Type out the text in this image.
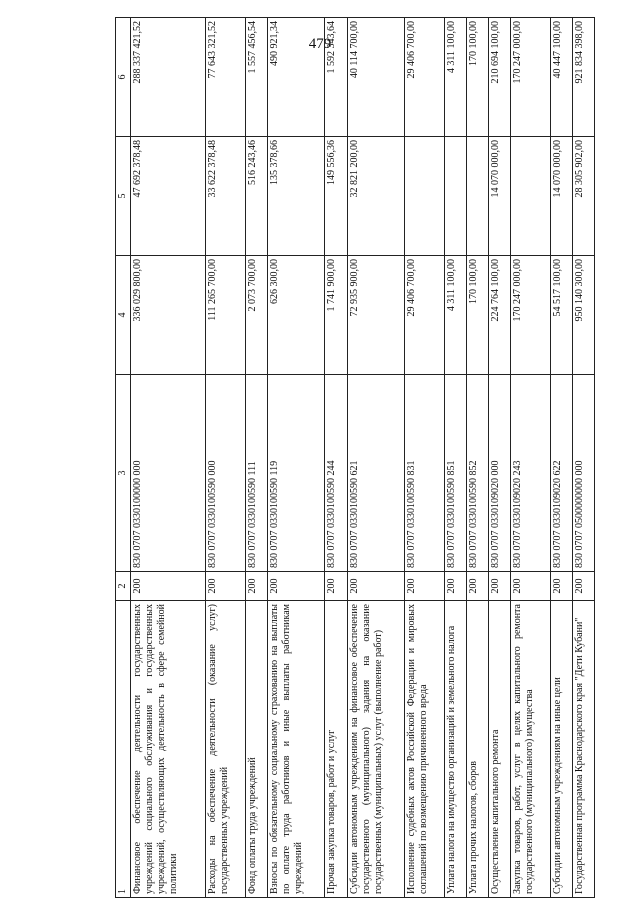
479
1	2	3	4	5	6
Финансовое обеспечение деятельности государственных учреждений социального обслуживания и государственных учреждений, осуществляющих деятельность в сфере семейной политики	200	830 0707 0330100000 000	336 029 800,00	47 692 378,48	288 337 421,52
Расходы на обеспечение деятельности (оказание услуг) государственных учреждений	200	830 0707 0330100590 000	111 265 700,00	33 622 378,48	77 643 321,52
Фонд оплаты труда учреждений	200	830 0707 0330100590 111	2 073 700,00	516 243,46	1 557 456,54
Взносы по обязательному социальному страхованию на выплаты по оплате труда работников и иные выплаты работникам учреждений	200	830 0707 0330100590 119	626 300,00	135 378,66	490 921,34
Прочая закупка товаров, работ и услуг	200	830 0707 0330100590 244	1 741 900,00	149 556,36	1 592 343,64
Субсидии автономным учреждениям на финансовое обеспечение государственного (муниципального) задания на оказание государственных (муниципальных) услуг (выполнение работ)	200	830 0707 0330100590 621	72 935 900,00	32 821 200,00	40 114 700,00
Исполнение судебных актов Российской Федерации и мировых соглашений по возмещению причиненного вреда	200	830 0707 0330100590 831	29 406 700,00		29 406 700,00
Уплата налога на имущество организаций и земельного налога	200	830 0707 0330100590 851	4 311 100,00		4 311 100,00
Уплата прочих налогов, сборов	200	830 0707 0330100590 852	170 100,00		170 100,00
Осуществление капитального ремонта	200	830 0707 0330109020 000	224 764 100,00	14 070 000,00	210 694 100,00
Закупка товаров, работ, услуг в целях капитального ремонта государственного (муниципального) имущества	200	830 0707 0330109020 243	170 247 000,00		170 247 000,00
Субсидии автономным учреждениям на иные цели	200	830 0707 0330109020 622	54 517 100,00	14 070 000,00	40 447 100,00
Государственная программа Краснодарского края "Дети Кубани"	200	830 0707 0500000000 000	950 140 300,00	28 305 902,00	921 834 398,00
